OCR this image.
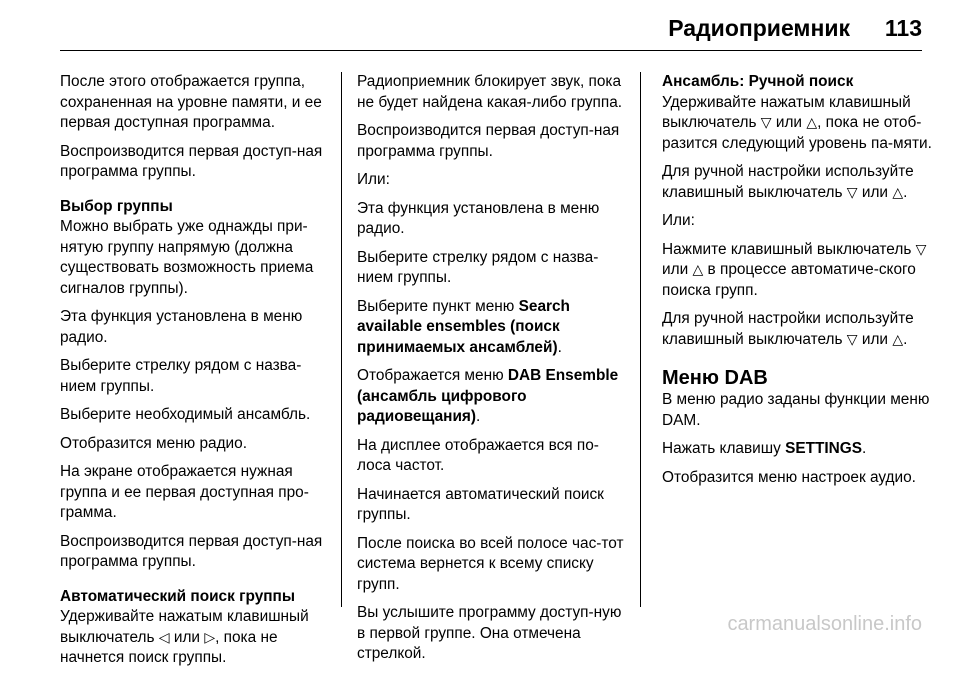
Радиоприемник 113

После этого отображается группа, сохраненная на уровне памяти, и ее первая доступная программа.

Воспроизводится первая доступ-ная программа группы.

Выбор группы

Можно выбрать уже однажды при-нятую группу напрямую (должна существовать возможность приема сигналов группы).

Эта функция установлена в меню радио.

Выберите стрелку рядом с назва-нием группы.

Выберите необходимый ансамбль.

Отобразится меню радио.

На экране отображается нужная группа и ее первая доступная про-грамма.

Воспроизводится первая доступ-ная программа группы.

Автоматический поиск группы

Удерживайте нажатым клавишный выключатель ◁ или ▷, пока не начнется поиск группы.

Радиоприемник блокирует звук, пока не будет найдена какая-либо группа.

Воспроизводится первая доступ-ная программа группы.

Или:

Эта функция установлена в меню радио.

Выберите стрелку рядом с назва-нием группы.

Выберите пункт меню Search available ensembles (поиск принимаемых ансамблей).

Отображается меню DAB Ensemble (ансамбль цифрового радиовещания).

На дисплее отображается вся по-лоса частот.

Начинается автоматический поиск группы.

После поиска во всей полосе час-тот система вернется к всему списку групп.

Вы услышите программу доступ-ную в первой группе. Она отмечена стрелкой.

Ансамбль: Ручной поиск

Удерживайте нажатым клавишный выключатель ▽ или △, пока не отоб-разится следующий уровень па-мяти.

Для ручной настройки используйте клавишный выключатель ▽ или △.

Или:

Нажмите клавишный выключатель ▽ или △ в процессе автоматиче-ского поиска групп.

Для ручной настройки используйте клавишный выключатель ▽ или △.

Меню DAB

В меню радио заданы функции меню DAM.

Нажать клавишу SETTINGS.

Отобразится меню настроек аудио.

carmanualsonline.info
